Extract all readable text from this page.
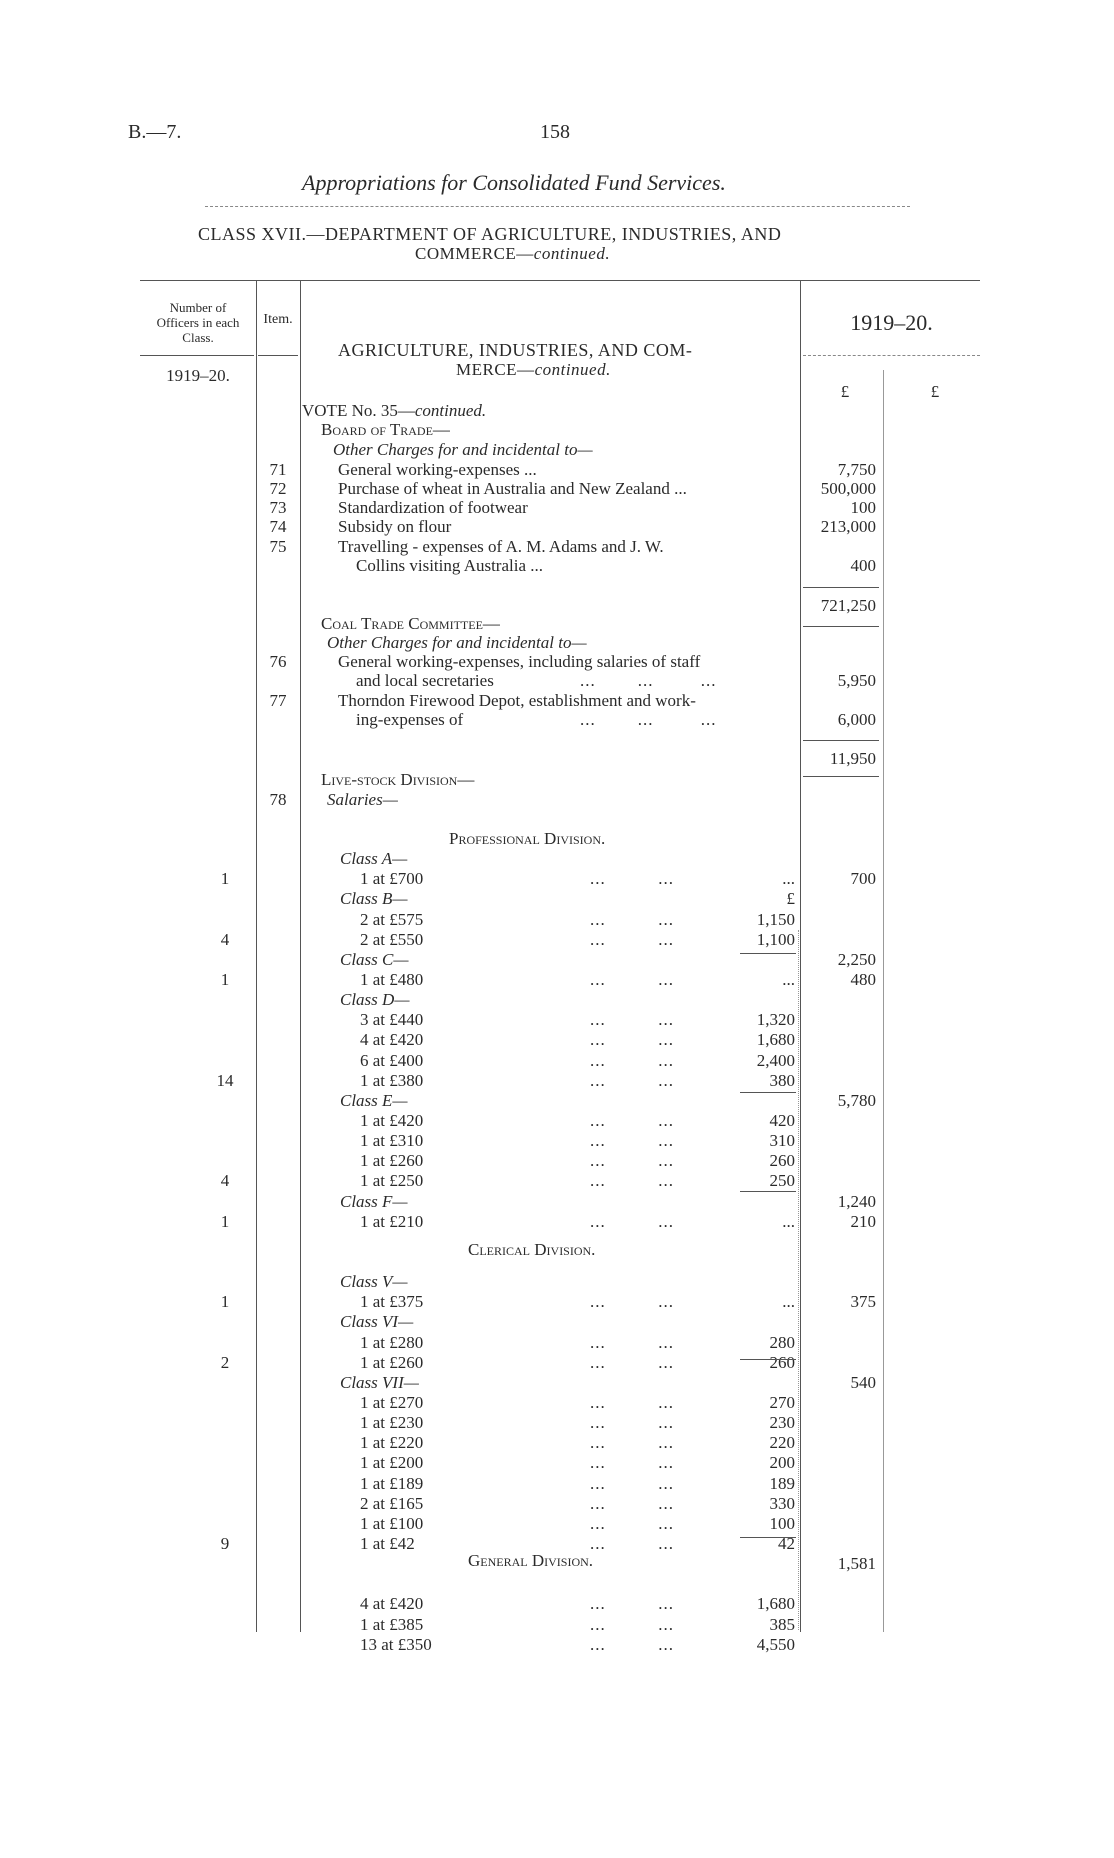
B.—7.	158
Appropriations for Consolidated Fund Services.
CLASS XVII.—DEPARTMENT OF AGRICULTURE, INDUSTRIES, AND
COMMERCE—continued.
Number of
Officers in each
Class.
1919–20.
Item.	1919–20.
£	£
AGRICULTURE, INDUSTRIES, AND COM-
MERCE—continued.
VOTE No. 35—continued.
Board of Trade—
Other Charges for and incidental to—
71	General working-expenses ...	7,750
72	Purchase of wheat in Australia and New Zealand ...	500,000
73	Standardization of footwear	100
74	Subsidy on flour	213,000
75	Travelling - expenses of A. M. Adams and J. W.
Collins visiting Australia ...	400
721,250
Coal Trade Committee—
Other Charges for and incidental to—
76	General working-expenses, including salaries of staff
and local secretaries	...        ...         ...	5,950
77	Thorndon Firewood Depot, establishment and work-
ing-expenses of	...        ...         ...	6,000
11,950
Live-stock Division—
78	Salaries—
Professional Division.
Clerical Division.
General Division.
Class A—
1	1 at £700	...          ...	...	700
Class B—	£
2 at £575	...          ...	1,150
4	2 at £550	...          ...	1,100
Class C—	2,250
1	1 at £480	...          ...	...	480
Class D—
3 at £440	...          ...	1,320
4 at £420	...          ...	1,680
6 at £400	...          ...	2,400
14	1 at £380	...          ...	380
Class E—	5,780
1 at £420	...          ...	420
1 at £310	...          ...	310
1 at £260	...          ...	260
4	1 at £250	...          ...	250
Class F—	1,240
1	1 at £210	...          ...	...	210
Class V—
1	1 at £375	...          ...	...	375
Class VI—
1 at £280	...          ...	280
2	1 at £260	...          ...	260
Class VII—	540
1 at £270	...          ...	270
1 at £230	...          ...	230
1 at £220	...          ...	220
1 at £200	...          ...	200
1 at £189	...          ...	189
2 at £165	...          ...	330
1 at £100	...          ...	100
9	1 at £42	...          ...	42
1,581
4 at £420	...          ...	1,680
1 at £385	...          ...	385
13 at £350	...          ...	4,550
